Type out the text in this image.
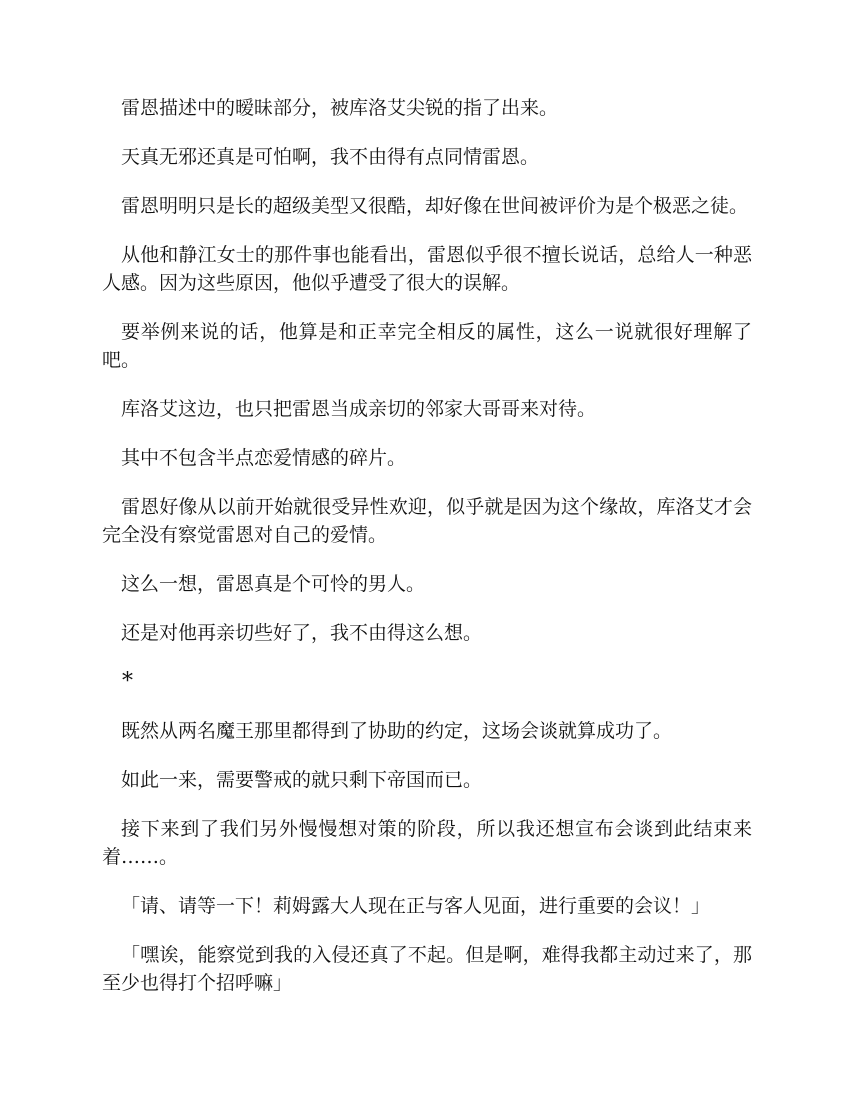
雷恩描述中的暧昧部分，被库洛艾尖锐的指了出来。

天真无邪还真是可怕啊，我不由得有点同情雷恩。

雷恩明明只是长的超级美型又很酷，却好像在世间被评价为是个极恶之徒。

从他和静江女士的那件事也能看出，雷恩似乎很不擅长说话，总给人一种恶人感。因为这些原因，他似乎遭受了很大的误解。

要举例来说的话，他算是和正幸完全相反的属性，这么一说就很好理解了吧。

库洛艾这边，也只把雷恩当成亲切的邻家大哥哥来对待。

其中不包含半点恋爱情感的碎片。

雷恩好像从以前开始就很受异性欢迎，似乎就是因为这个缘故，库洛艾才会完全没有察觉雷恩对自己的爱情。

这么一想，雷恩真是个可怜的男人。

还是对他再亲切些好了，我不由得这么想。

*

既然从两名魔王那里都得到了协助的约定，这场会谈就算成功了。

如此一来，需要警戒的就只剩下帝国而已。

接下来到了我们另外慢慢想对策的阶段，所以我还想宣布会谈到此结束来着……。

「请、请等一下！莉姆露大人现在正与客人见面，进行重要的会议！」

「嘿诶，能察觉到我的入侵还真了不起。但是啊，难得我都主动过来了，那至少也得打个招呼嘛」
